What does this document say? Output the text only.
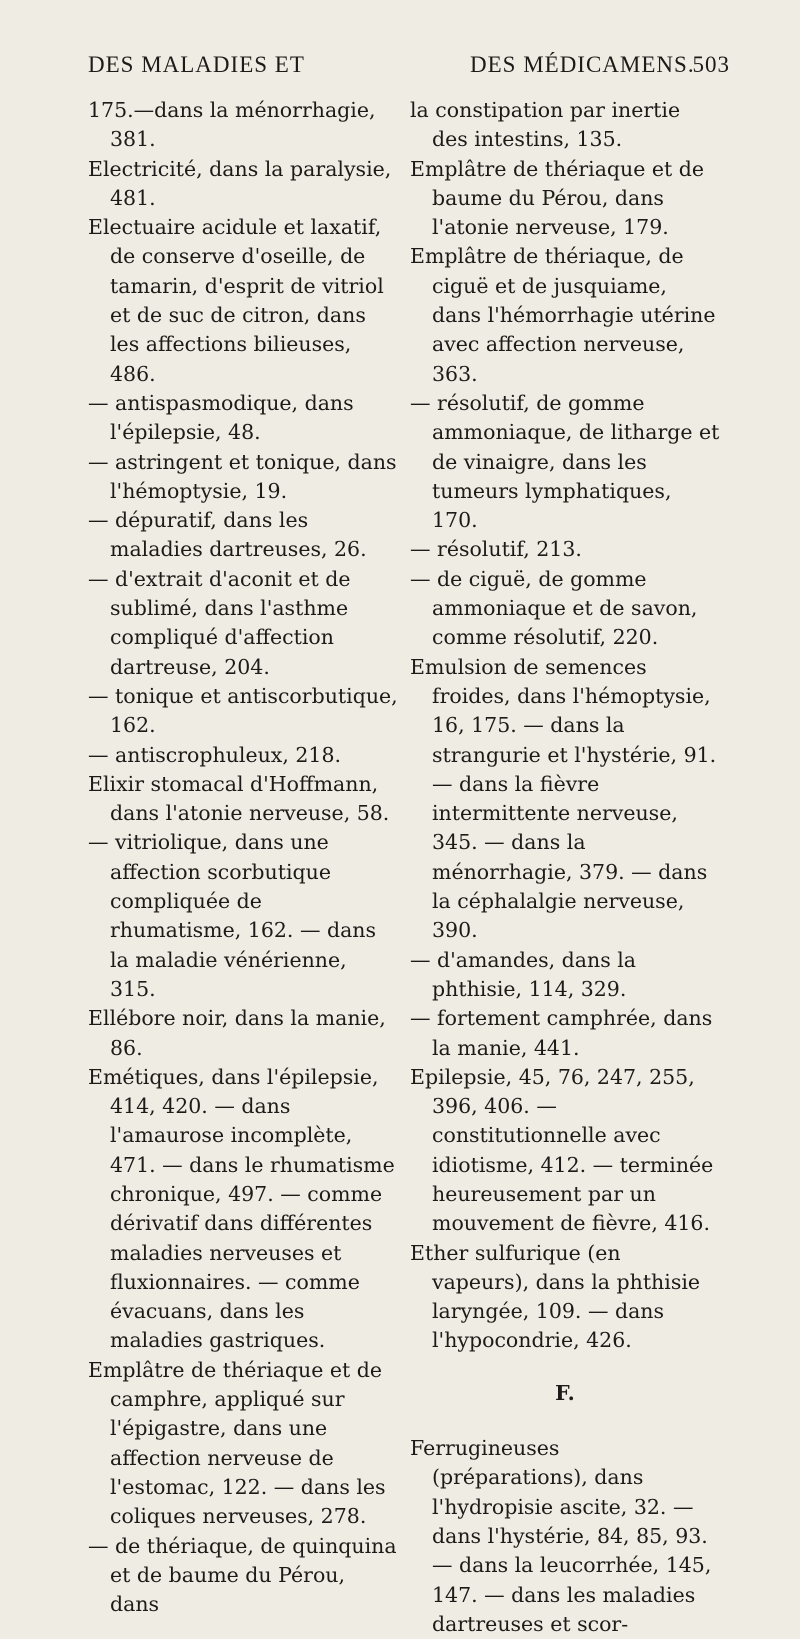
DES MALADIES ET	DES MÉDICAMENS.
503

175.—dans la ménorrhagie, 381.

Electricité, dans la paralysie, 481.

Electuaire acidule et laxatif, de conserve d'oseille, de tamarin, d'esprit de vitriol et de suc de citron, dans les affections bilieuses, 486.

— antispasmodique, dans l'épilepsie, 48.

— astringent et tonique, dans l'hémoptysie, 19.

— dépuratif, dans les maladies dartreuses, 26.

— d'extrait d'aconit et de sublimé, dans l'asthme compliqué d'affection dartreuse, 204.

— tonique et antiscorbutique, 162.

— antiscrophuleux, 218.

Elixir stomacal d'Hoffmann, dans l'atonie nerveuse, 58.

— vitriolique, dans une affection scorbutique compliquée de rhumatisme, 162. — dans la maladie vénérienne, 315.

Ellébore noir, dans la manie, 86.

Emétiques, dans l'épilepsie, 414, 420. — dans l'amaurose incomplète, 471. — dans le rhumatisme chronique, 497. — comme dérivatif dans différentes maladies nerveuses et fluxionnaires. — comme évacuans, dans les maladies gastriques.

Emplâtre de thériaque et de camphre, appliqué sur l'épigastre, dans une affection nerveuse de l'estomac, 122. — dans les coliques nerveuses, 278.

— de thériaque, de quinquina et de baume du Pérou, dans

la constipation par inertie des intestins, 135.

Emplâtre de thériaque et de baume du Pérou, dans l'atonie nerveuse, 179.

Emplâtre de thériaque, de ciguë et de jusquiame, dans l'hémorrhagie utérine avec affection nerveuse, 363.

— résolutif, de gomme ammoniaque, de litharge et de vinaigre, dans les tumeurs lymphatiques, 170.

— résolutif, 213.

— de ciguë, de gomme ammoniaque et de savon, comme résolutif, 220.

Emulsion de semences froides, dans l'hémoptysie, 16, 175. — dans la strangurie et l'hystérie, 91. — dans la fièvre intermittente nerveuse, 345. — dans la ménorrhagie, 379. — dans la céphalalgie nerveuse, 390.

— d'amandes, dans la phthisie, 114, 329.

— fortement camphrée, dans la manie, 441.

Epilepsie, 45, 76, 247, 255, 396, 406. — constitutionnelle avec idiotisme, 412. — terminée heureusement par un mouvement de fièvre, 416.

Ether sulfurique (en vapeurs), dans la phthisie laryngée, 109. — dans l'hypocondrie, 426.

F.

Ferrugineuses (préparations), dans l'hydropisie ascite, 32. — dans l'hystérie, 84, 85, 93. — dans la leucorrhée, 145, 147. — dans les maladies dartreuses et scor-
